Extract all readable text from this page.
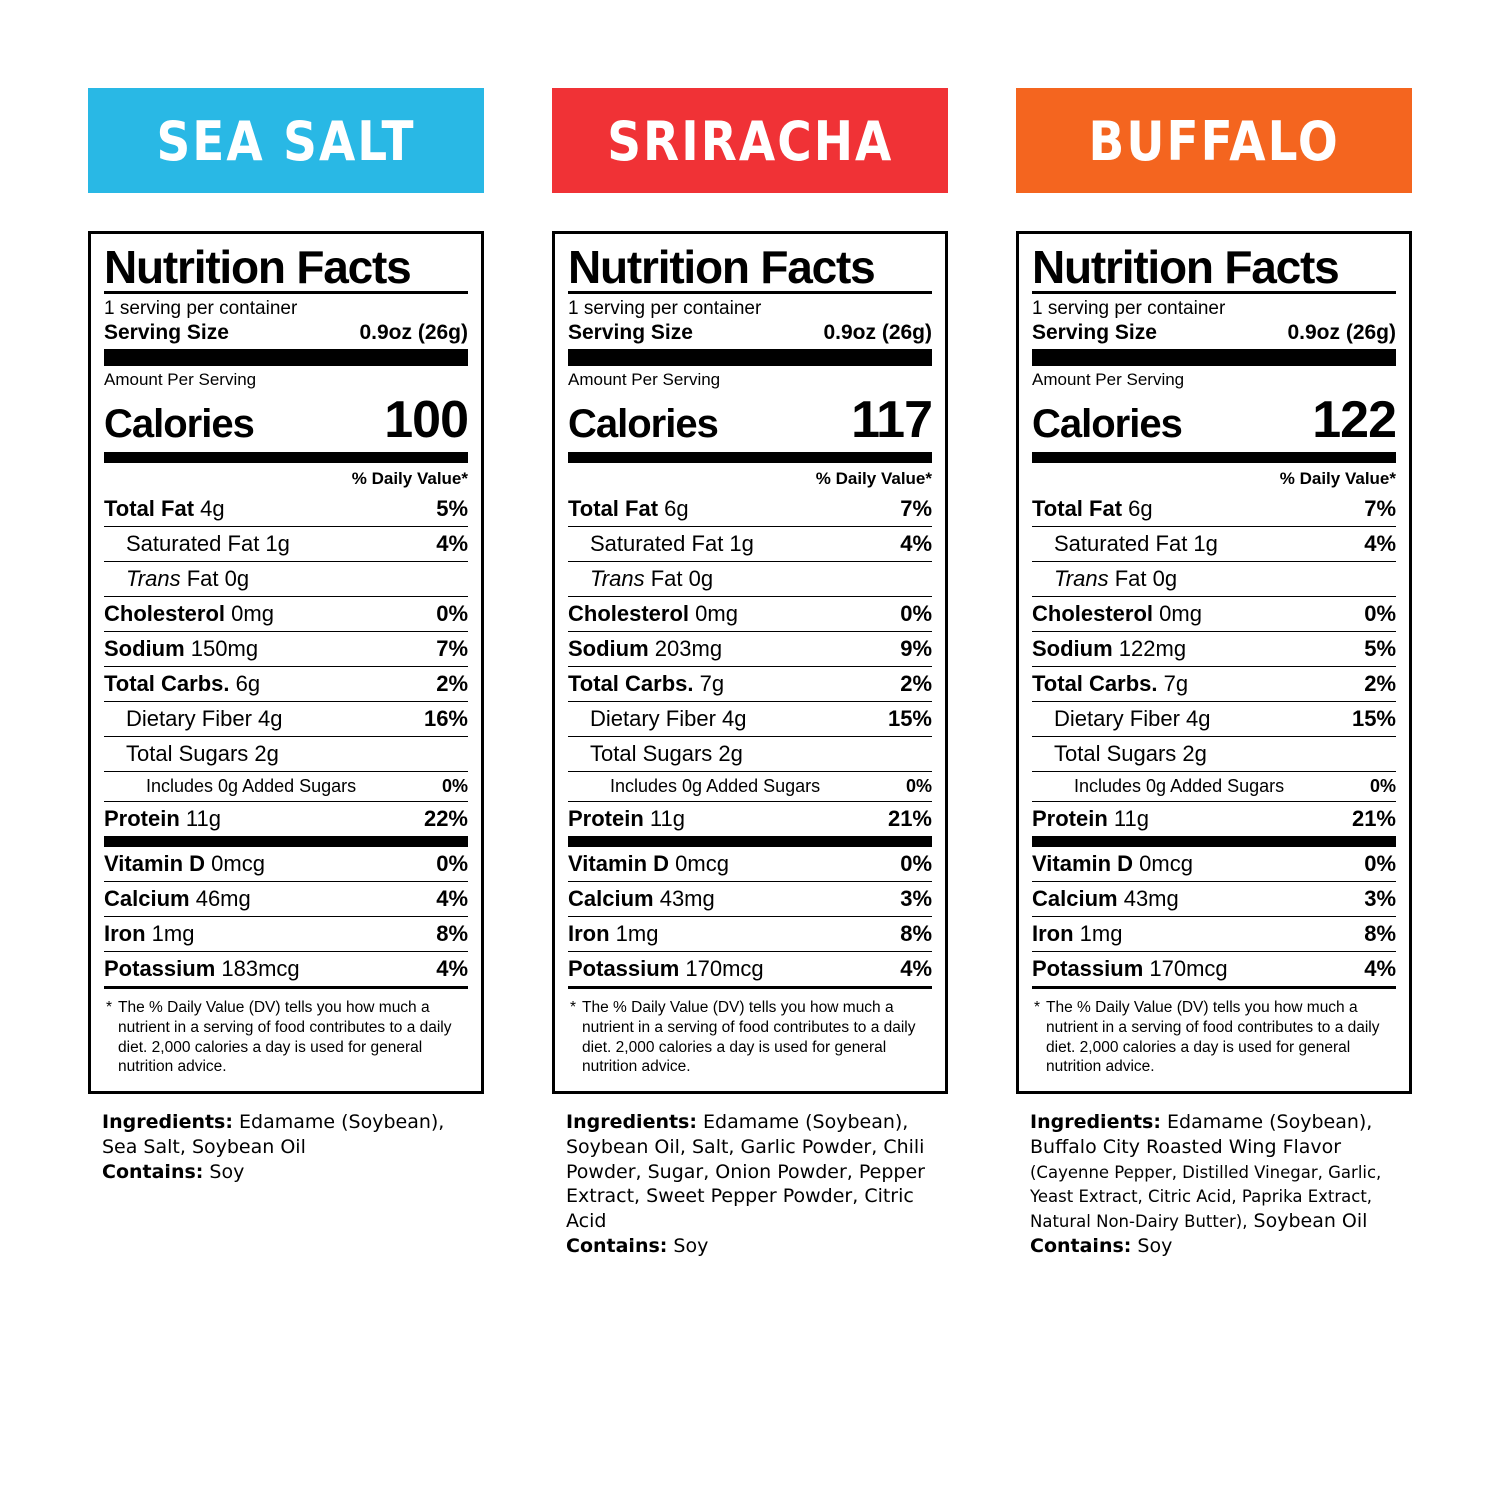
SEA SALT
Nutrition Facts
1 serving per container
Serving Size	0.9oz (26g)
Amount Per Serving
Calories	100
% Daily Value*
Total Fat 4g	5%
Saturated Fat 1g	4%
Trans Fat 0g
Cholesterol 0mg	0%
Sodium 150mg	7%
Total Carbs. 6g	2%
Dietary Fiber 4g	16%
Total Sugars 2g
Includes 0g Added Sugars	0%
Protein 11g	22%
Vitamin D 0mcg	0%
Calcium 46mg	4%
Iron 1mg	8%
Potassium 183mcg	4%
* The % Daily Value (DV) tells you how much a nutrient in a serving of food contributes to a daily diet. 2,000 calories a day is used for general nutrition advice.
Ingredients: Edamame (Soybean), Sea Salt, Soybean Oil
Contains: Soy
SRIRACHA
Nutrition Facts
1 serving per container
Serving Size	0.9oz (26g)
Amount Per Serving
Calories	117
% Daily Value*
Total Fat 6g	7%
Saturated Fat 1g	4%
Trans Fat 0g
Cholesterol 0mg	0%
Sodium 203mg	9%
Total Carbs. 7g	2%
Dietary Fiber 4g	15%
Total Sugars 2g
Includes 0g Added Sugars	0%
Protein 11g	21%
Vitamin D 0mcg	0%
Calcium 43mg	3%
Iron 1mg	8%
Potassium 170mcg	4%
* The % Daily Value (DV) tells you how much a nutrient in a serving of food contributes to a daily diet. 2,000 calories a day is used for general nutrition advice.
Ingredients: Edamame (Soybean), Soybean Oil, Salt, Garlic Powder, Chili Powder, Sugar, Onion Powder, Pepper Extract, Sweet Pepper Powder, Citric Acid
Contains: Soy
BUFFALO
Nutrition Facts
1 serving per container
Serving Size	0.9oz (26g)
Amount Per Serving
Calories	122
% Daily Value*
Total Fat 6g	7%
Saturated Fat 1g	4%
Trans Fat 0g
Cholesterol 0mg	0%
Sodium 122mg	5%
Total Carbs. 7g	2%
Dietary Fiber 4g	15%
Total Sugars 2g
Includes 0g Added Sugars	0%
Protein 11g	21%
Vitamin D 0mcg	0%
Calcium 43mg	3%
Iron 1mg	8%
Potassium 170mcg	4%
* The % Daily Value (DV) tells you how much a nutrient in a serving of food contributes to a daily diet. 2,000 calories a day is used for general nutrition advice.
Ingredients: Edamame (Soybean), Buffalo City Roasted Wing Flavor (Cayenne Pepper, Distilled Vinegar, Garlic, Yeast Extract, Citric Acid, Paprika Extract, Natural Non-Dairy Butter), Soybean Oil
Contains: Soy
